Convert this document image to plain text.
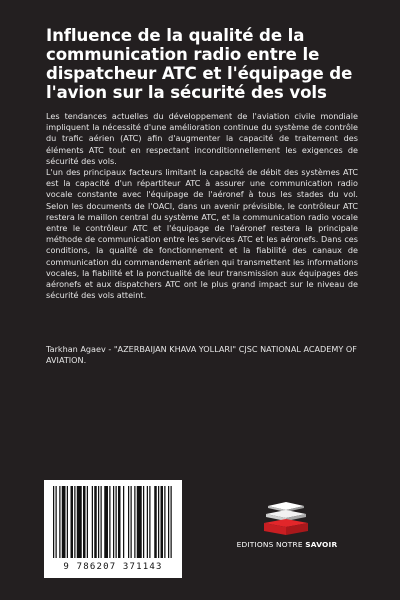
Influence de la qualité de la communication radio entre le dispatcheur ATC et l'équipage de l'avion sur la sécurité des vols

Les tendances actuelles du développement de l'aviation civile mondiale impliquent la nécessité d'une amélioration continue du système de contrôle du trafic aérien (ATC) afin d'augmenter la capacité de traitement des éléments ATC tout en respectant inconditionnellement les exigences de sécurité des vols.

L'un des principaux facteurs limitant la capacité de débit des systèmes ATC est la capacité d'un répartiteur ATC à assurer une communication radio vocale constante avec l'équipage de l'aéronef à tous les stades du vol. Selon les documents de l'OACI, dans un avenir prévisible, le contrôleur ATC restera le maillon central du système ATC, et la communication radio vocale entre le contrôleur ATC et l'équipage de l'aéronef restera la principale méthode de communication entre les services ATC et les aéronefs. Dans ces conditions, la qualité de fonctionnement et la fiabilité des canaux de communication du commandement aérien qui transmettent les informations vocales, la fiabilité et la ponctualité de leur transmission aux équipages des aéronefs et aux dispatchers ATC ont le plus grand impact sur le niveau de sécurité des vols atteint.

Tarkhan Agaev - "AZERBAIJAN KHAVA YOLLARI" CJSC NATIONAL ACADEMY OF AVIATION.
9 786207 371143
EDITIONS NOTRE SAVOIR
